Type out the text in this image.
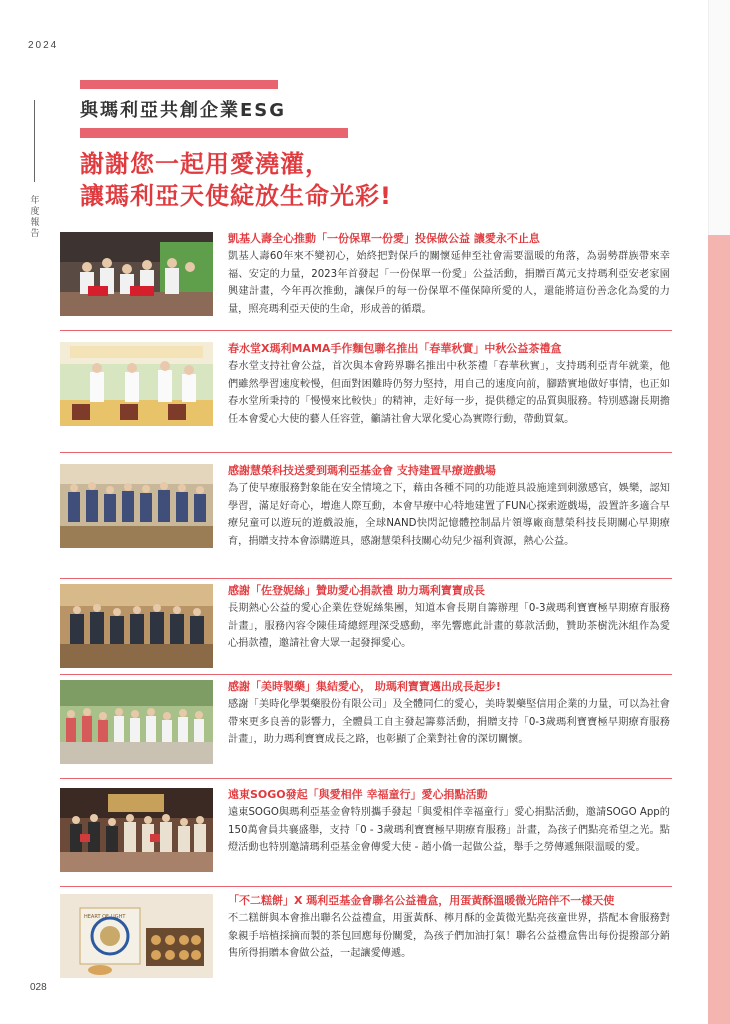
2024
年度報告
028
與瑪利亞共創企業ESG
謝謝您一起用愛澆灌，
讓瑪利亞天使綻放生命光彩!
凱基人壽全心推動「一份保單一份愛」投保做公益 讓愛永不止息
凱基人壽60年來不變初心，始終把對保戶的關懷延伸至社會需要溫暖的角落，為弱勢群族帶來幸福、安定的力量，2023年首發起「一份保單一份愛」公益活動，捐贈百萬元支持瑪利亞安老家園興建計畫，今年再次推動，讓保戶的每一份保單不僅保障所愛的人，還能將這份善念化為愛的力量，照亮瑪利亞天使的生命，形成善的循環。
春水堂X瑪利MAMA手作麵包聯名推出「春華秋實」中秋公益茶禮盒
春水堂支持社會公益，首次與本會跨界聯名推出中秋茶禮「春華秋實」，支持瑪利亞青年就業，他們雖然學習速度較慢，但面對困難時仍努力堅持，用自己的速度向前，腳踏實地做好事情，也正如春水堂所秉持的「慢慢來比較快」的精神，走好每一步，提供穩定的品質與服務。特別感謝長期擔任本會愛心大使的藝人任容萱，籲請社會大眾化愛心為實際行動，帶動買氣。
感謝慧榮科技送愛到瑪利亞基金會 支持建置早療遊戲場
為了使早療服務對象能在安全情境之下，藉由各種不同的功能遊具設施達到刺激感官，娛樂，認知學習，滿足好奇心，增進人際互動，本會早療中心特地建置了FUN心探索遊戲場，設置許多適合早療兒童可以遊玩的遊戲設施，全球NAND快閃記憶體控制晶片領導廠商慧榮科技長期關心早期療育，捐贈支持本會添購遊具，感謝慧榮科技關心幼兒少福利資源，熱心公益。
感謝「佐登妮絲」贊助愛心捐款禮 助力瑪利寶寶成長
長期熱心公益的愛心企業佐登妮絲集團，知道本會長期自籌辦理「0-3歲瑪利寶寶極早期療育服務計畫」，服務內容令陳佳琦總經理深受感動，率先響應此計畫的募款活動，贊助茶樹洗沐組作為愛心捐款禮，邀請社會大眾一起發揮愛心。
感謝「美時製藥」集結愛心， 助瑪利寶寶邁出成長起步!
感謝「美時化學製藥股份有限公司」及全體同仁的愛心，美時製藥堅信用企業的力量，可以為社會帶來更多良善的影響力，全體員工自主發起籌募活動，捐贈支持「0-3歲瑪利寶寶極早期療育服務計畫」，助力瑪利寶寶成長之路，也彰顯了企業對社會的深切關懷。
遠東SOGO發起「與愛相伴 幸福童行」愛心捐點活動
遠東SOGO與瑪利亞基金會特別攜手發起「與愛相伴幸福童行」愛心捐點活動，邀請SOGO App的150萬會員共襄盛舉，支持「0 - 3歲瑪利寶寶極早期療育服務」計畫，為孩子們點亮希望之光。點燈活動也特別邀請瑪利亞基金會傳愛大使 - 趙小僑一起做公益，舉手之勞傳遞無限溫暖的愛。
HEART OF LIGHT
「不二糕餅」X 瑪利亞基金會聯名公益禮盒，用蛋黃酥溫暖微光陪伴不一樣天使
不二糕餅與本會推出聯名公益禮盒，用蛋黃酥、檸月酥的金黃微光點亮孩童世界，搭配本會服務對象親手培植採摘而製的茶包回應每份關愛，為孩子們加油打氣！聯名公益禮盒售出每份提撥部分銷售所得捐贈本會做公益，一起讓愛傳遞。
